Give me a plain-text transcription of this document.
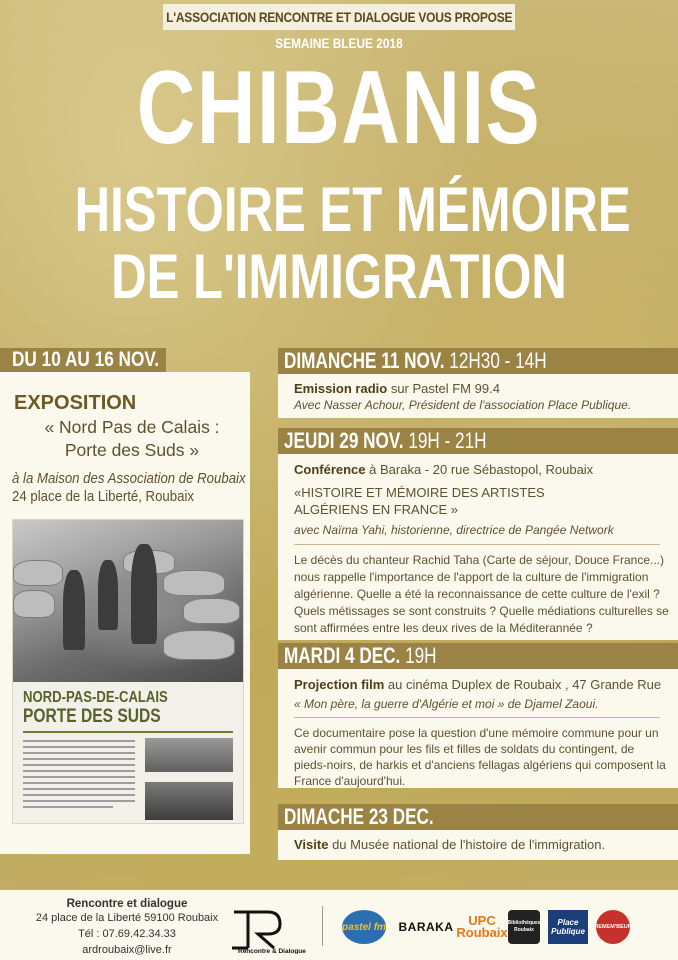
L'ASSOCIATION RENCONTRE ET DIALOGUE VOUS PROPOSE
SEMAINE BLEUE 2018
CHIBANIS
HISTOIRE ET MÉMOIRE
DE L'IMMIGRATION
DU 10 AU 16 NOV.
EXPOSITION
« Nord Pas de Calais :
Porte des Suds »
à la Maison des Association de Roubaix
24 place de la Liberté, Roubaix
NORD-PAS-DE-CALAIS
PORTE DES SUDS
DIMANCHE 11 NOV. 12H30 - 14H
Emission radio sur Pastel FM 99.4
Avec Nasser Achour, Président de l'association Place Publique.
JEUDI 29 NOV. 19H - 21H
Conférence à Baraka - 20 rue Sébastopol, Roubaix
«HISTOIRE ET MÉMOIRE DES ARTISTES ALGÉRIENS EN FRANCE »
avec Naïma Yahi, historienne, directrice de Pangée Network
Le décès du chanteur Rachid Taha (Carte de séjour, Douce France...) nous rappelle l'importance de l'apport de la culture de l'immigration algérienne. Quelle a été la reconnaissance de cette culture de l'exil ? Quels métissages se sont construits ? Quelle médiations culturelles se sont affirmées entre les deux rives de la Méditerannée ?
MARDI 4 DEC. 19H
Projection film au cinéma Duplex de Roubaix , 47 Grande Rue
« Mon père, la guerre d'Algérie et moi » de Djamel Zaoui.
Ce documentaire pose la question d'une mémoire commune pour un avenir commun pour les fils et filles de soldats du contingent, de pieds-noirs, de harkis et d'anciens fellagas algériens qui composent la France d'aujourd'hui.
DIMACHE 23 DEC.
Visite du Musée national de l'histoire de l'immigration.
Rencontre et dialogue
24 place de la Liberté 59100 Roubaix
Tél : 07.69.42.34.33
ardroubaix@live.fr	Rencontre & Dialogue
pastel fm BARAKA	UPC Roubaix
Bibliothèques Roubaix
Place Publique	REMEM'BEUR
